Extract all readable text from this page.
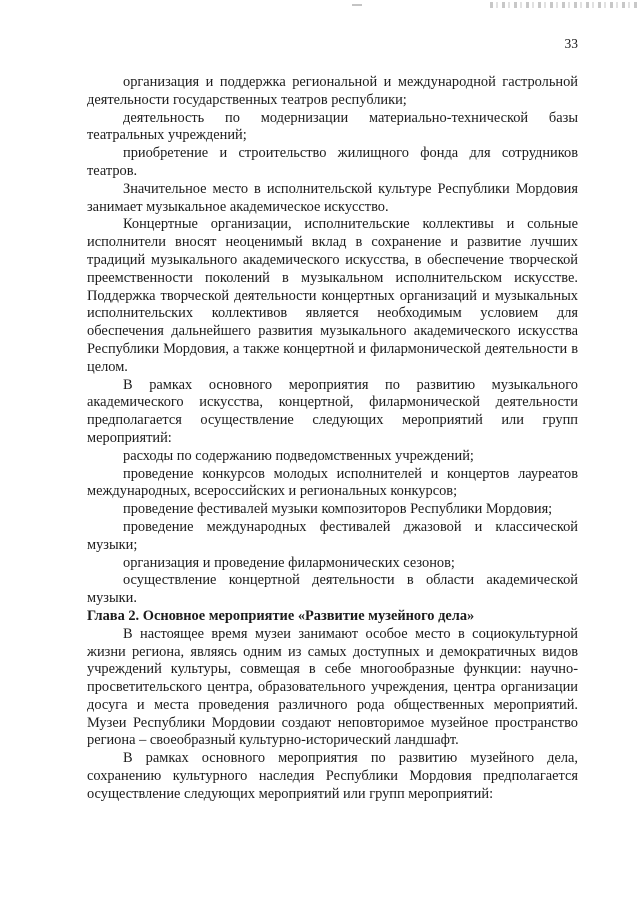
33

организация и поддержка региональной и международной гастрольной деятельности государственных театров республики;

деятельность по модернизации материально-технической базы театральных учреждений;

приобретение и строительство жилищного фонда для сотрудников театров.

Значительное место в исполнительской культуре Республики Мордовия занимает музыкальное академическое искусство.

Концертные организации, исполнительские коллективы и сольные исполнители вносят неоценимый вклад в сохранение и развитие лучших традиций музыкального академического искусства, в обеспечение творческой преемственности поколений в музыкальном исполнительском искусстве. Поддержка творческой деятельности концертных организаций и музыкальных исполнительских коллективов является необходимым условием для обеспечения дальнейшего развития музыкального академического искусства Республики Мордовия, а также концертной и филармонической деятельности в целом.

В рамках основного мероприятия по развитию музыкального академического искусства, концертной, филармонической деятельности предполагается осуществление следующих мероприятий или групп мероприятий:

расходы по содержанию подведомственных учреждений;

проведение конкурсов молодых исполнителей и концертов лауреатов международных, всероссийских и региональных конкурсов;

проведение фестивалей музыки композиторов Республики Мордовия;

проведение международных фестивалей джазовой и классической музыки;

организация и проведение филармонических сезонов;

осуществление концертной деятельности в области академической музыки.

Глава 2. Основное мероприятие «Развитие музейного дела»

В настоящее время музеи занимают особое место в социокультурной жизни региона, являясь одним из самых доступных и демократичных видов учреждений культуры, совмещая в себе многообразные функции: научно-просветительского центра, образовательного учреждения, центра организации досуга и места проведения различного рода общественных мероприятий. Музеи Республики Мордовии создают неповторимое музейное пространство региона – своеобразный культурно-исторический ландшафт.

В рамках основного мероприятия по развитию музейного дела, сохранению культурного наследия Республики Мордовия предполагается осуществление следующих мероприятий или групп мероприятий:
